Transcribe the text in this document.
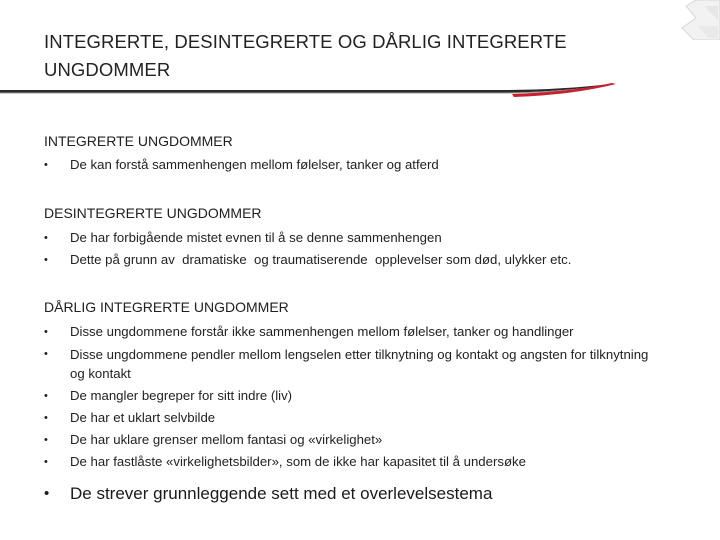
INTEGRERTE, DESINTEGRERTE OG DÅRLIG INTEGRERTE UNGDOMMER
INTEGRERTE UNGDOMMER
• De kan forstå sammenhengen mellom følelser, tanker og atferd
DESINTEGRERTE UNGDOMMER
• De har forbigående mistet evnen til å se denne sammenhengen
• Dette på grunn av  dramatiske  og traumatiserende  opplevelser som død, ulykker etc.
DÅRLIG INTEGRERTE UNGDOMMER
• Disse ungdommene forstår ikke sammenhengen mellom følelser, tanker og handlinger
• Disse ungdommene pendler mellom lengselen etter tilknytning og kontakt og angsten for tilknytning og kontakt
• De mangler begreper for sitt indre (liv)
• De har et uklart selvbilde
• De har uklare grenser mellom fantasi og «virkelighet»
• De har fastlåste «virkelighetsbilder», som de ikke har kapasitet til å undersøke
• De strever grunnleggende sett med et overlevelsestema
